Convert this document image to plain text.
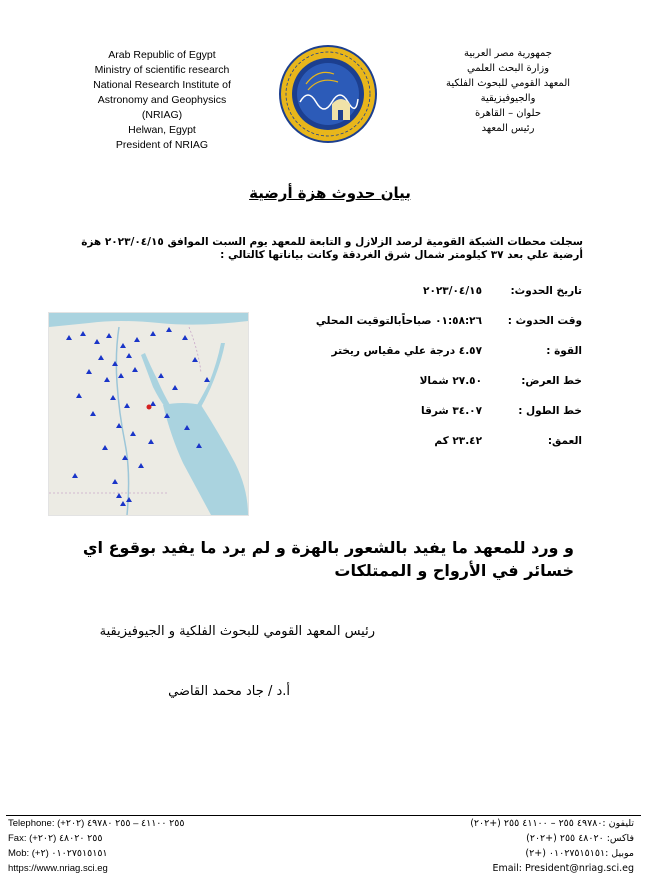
Arab Republic of Egypt
Ministry of scientific research
National Research Institute of
Astronomy and Geophysics
(NRIAG)
Helwan, Egypt
President of NRIAG
جمهورية مصر العربية
وزارة البحث العلمي
المعهد القومي للبحوث الفلكية
والجيوفيزيقية
حلوان – القاهرة
رئيس المعهد
بيان حدوث هزة أرضية
سجلت محطات الشبكة القومية لرصد الزلازل و التابعة للمعهد يوم السبت الموافق ٢٠٢٣/٠٤/١٥ هزة أرضية علي بعد ٣٧ كيلومتر شمال شرق الغردقة وكانت بياناتها كالتالي :
تاريخ الحدوث:
٢٠٢٣/٠٤/١٥
وقت الحدوث :
٠١:٥٨:٢٦ صباحاًبالتوقيت المحلي
القوة :
٤.٥٧ درجة علي مقياس ريختر
خط العرض:
٢٧.٥٠ شمالا
خط الطول :
٣٤.٠٧ شرقا
العمق:
٢٣.٤٢ كم
و ورد للمعهد ما يفيد بالشعور بالهزة و لم يرد ما يفيد بوقوع اي خسائر في الأرواح و الممتلكات
رئيس المعهد القومي للبحوث الفلكية و الجيوفيزيقية
أ.د / جاد محمد القاضي
Telephone: (+٢٠٢) ٢٥٥ ٤١١٠٠ – ٢٥٥ ٤٩٧٨٠
Fax: (+٢٠٢) ٢٥٥ ٤٨٠٢٠
Mob: (+٢) ٠١٠٢٧٥١٥١٥١
https://www.nriag.sci.eg
تليفون :٤٩٧٨٠ ٢٥٥ – ٤١١٠٠ ٢٥٥ (+٢٠٢)
فاكس: ٤٨٠٢٠ ٢٥٥ (+٢٠٢)
موبيل :٠١٠٢٧٥١٥١٥١ (+٢)
Email: President@nriag.sci.eg
